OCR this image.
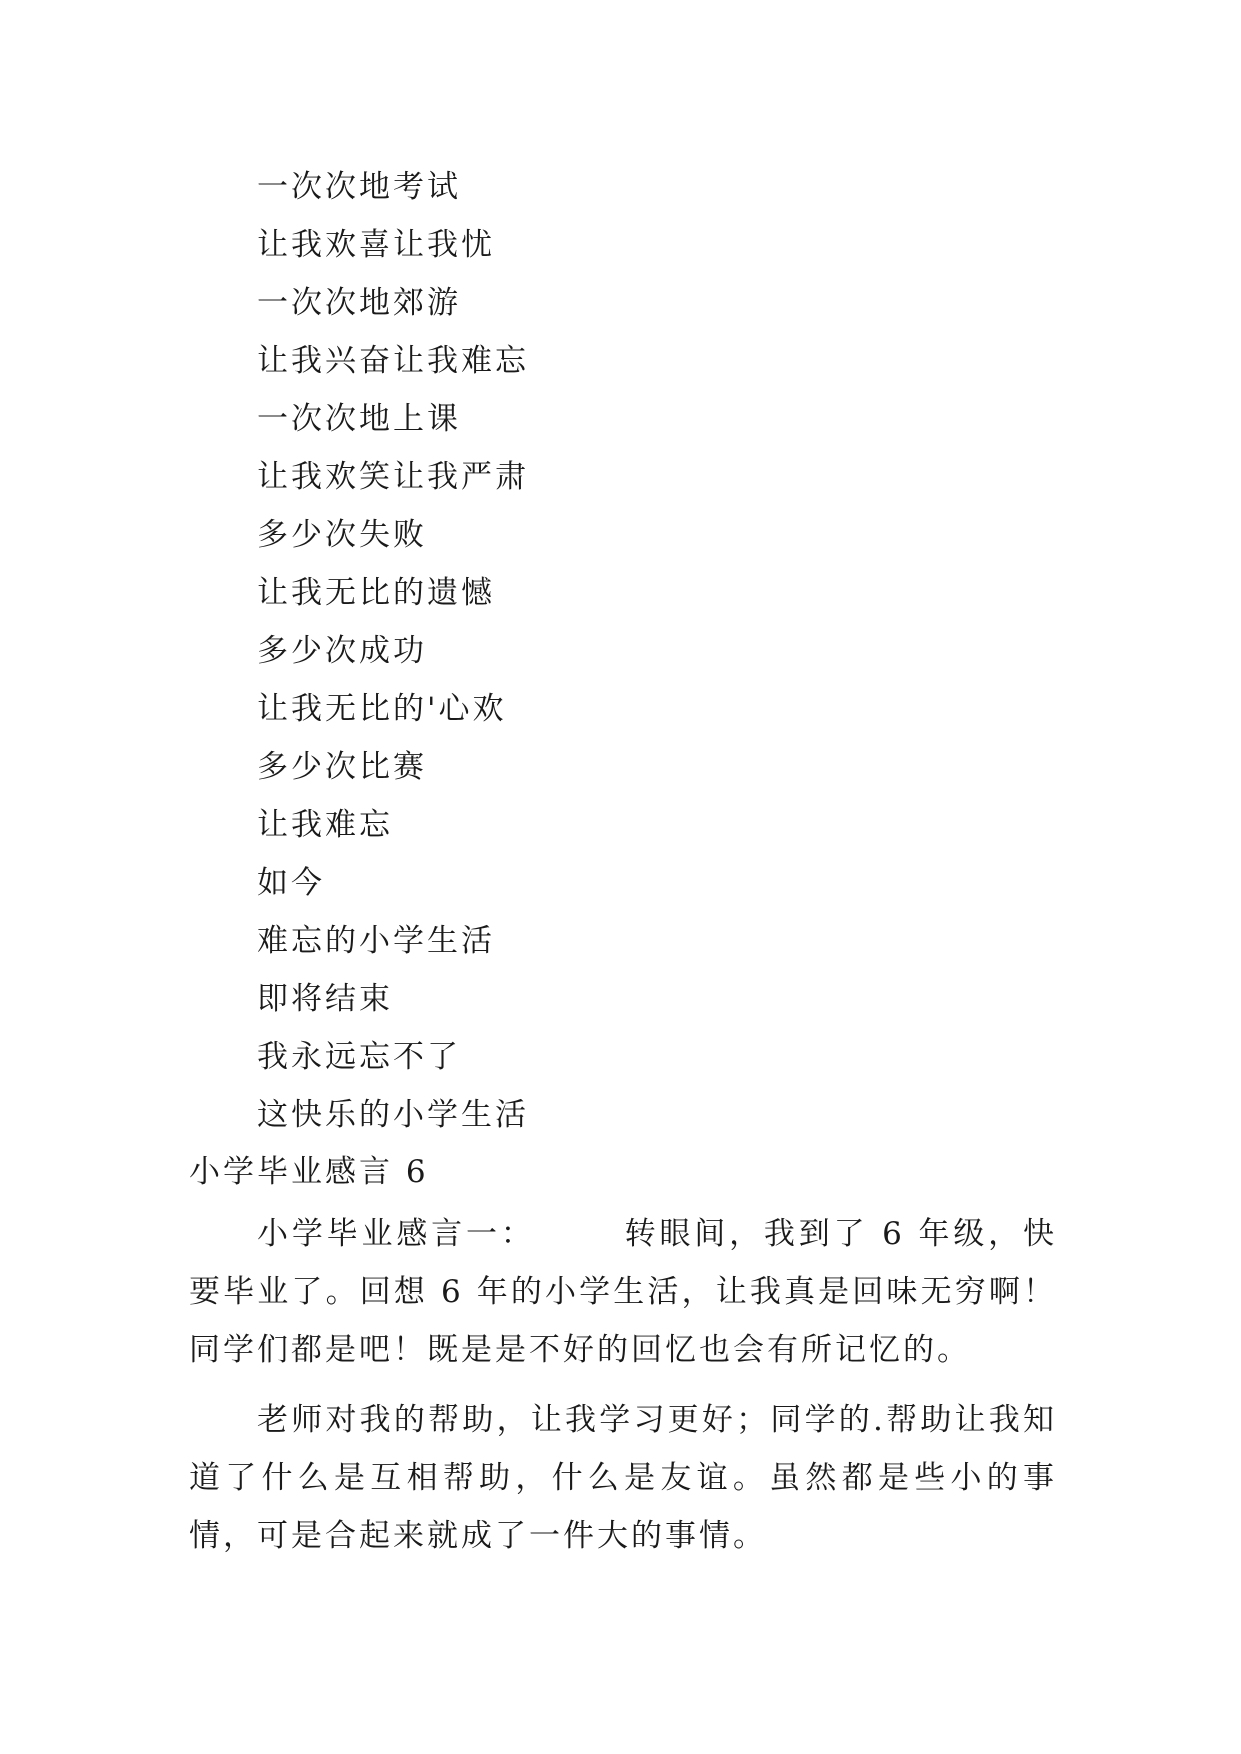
一次次地考试
让我欢喜让我忧
一次次地郊游
让我兴奋让我难忘
一次次地上课
让我欢笑让我严肃
多少次失败
让我无比的遗憾
多少次成功
让我无比的'心欢
多少次比赛
让我难忘
如今
难忘的小学生活
即将结束
我永远忘不了
这快乐的小学生活
小学毕业感言 6

小学毕业感言一：　　　转眼间，我到了 6 年级，快要毕业了。回想 6 年的小学生活，让我真是回味无穷啊！同学们都是吧！既是是不好的回忆也会有所记忆的。

老师对我的帮助，让我学习更好；同学的.帮助让我知道了什么是互相帮助，什么是友谊。虽然都是些小的事情，可是合起来就成了一件大的事情。
